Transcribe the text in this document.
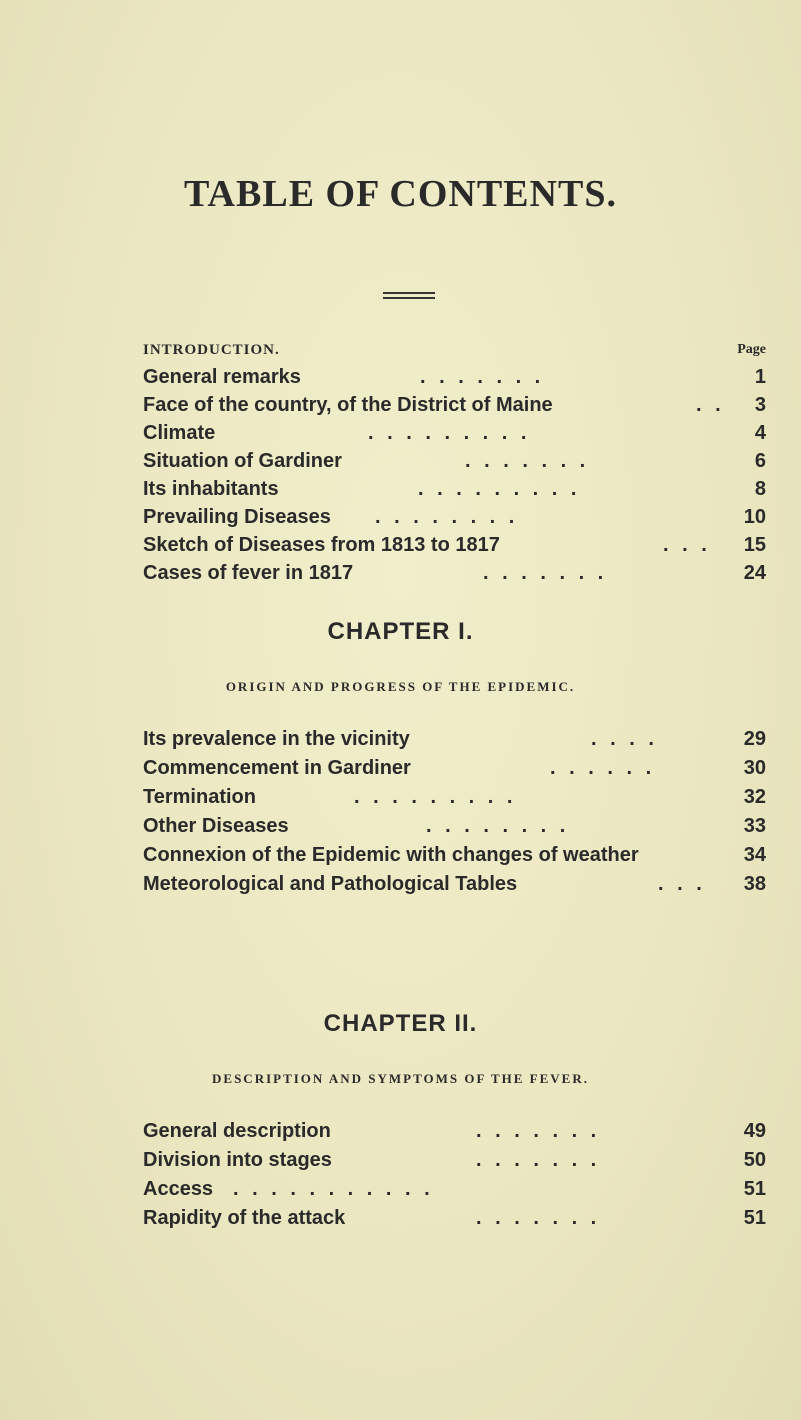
TABLE OF CONTENTS.
INTRODUCTION.	Page
General remarks	. . . . . . .	1
Face of the country, of the District of Maine	. . 3
Climate	. . . . . . . . .	4
Situation of Gardiner	. . . . . . .	6
Its inhabitants	. . . . . . . . .	8
Prevailing Diseases . . . . . . . .	10
Sketch of Diseases from 1813 to 1817	. . . 15
Cases of fever in 1817	. . . . . . .	24
CHAPTER I.
ORIGIN AND PROGRESS OF THE EPIDEMIC.
Its prevalence in the vicinity	. . . .	29
Commencement in Gardiner	. . . . . .	30
Termination	. . . . . . . . .	32
Other Diseases	. . . . . . . .	33
Connexion of the Epidemic with changes of weather	34
Meteorological and Pathological Tables	. . . 38
CHAPTER II.
DESCRIPTION AND SYMPTOMS OF THE FEVER.
General description	. . . . . . .	49
Division into stages	. . . . . . .	50
Access . . . . . . . . . . .	51
Rapidity of the attack	. . . . . . .	51
